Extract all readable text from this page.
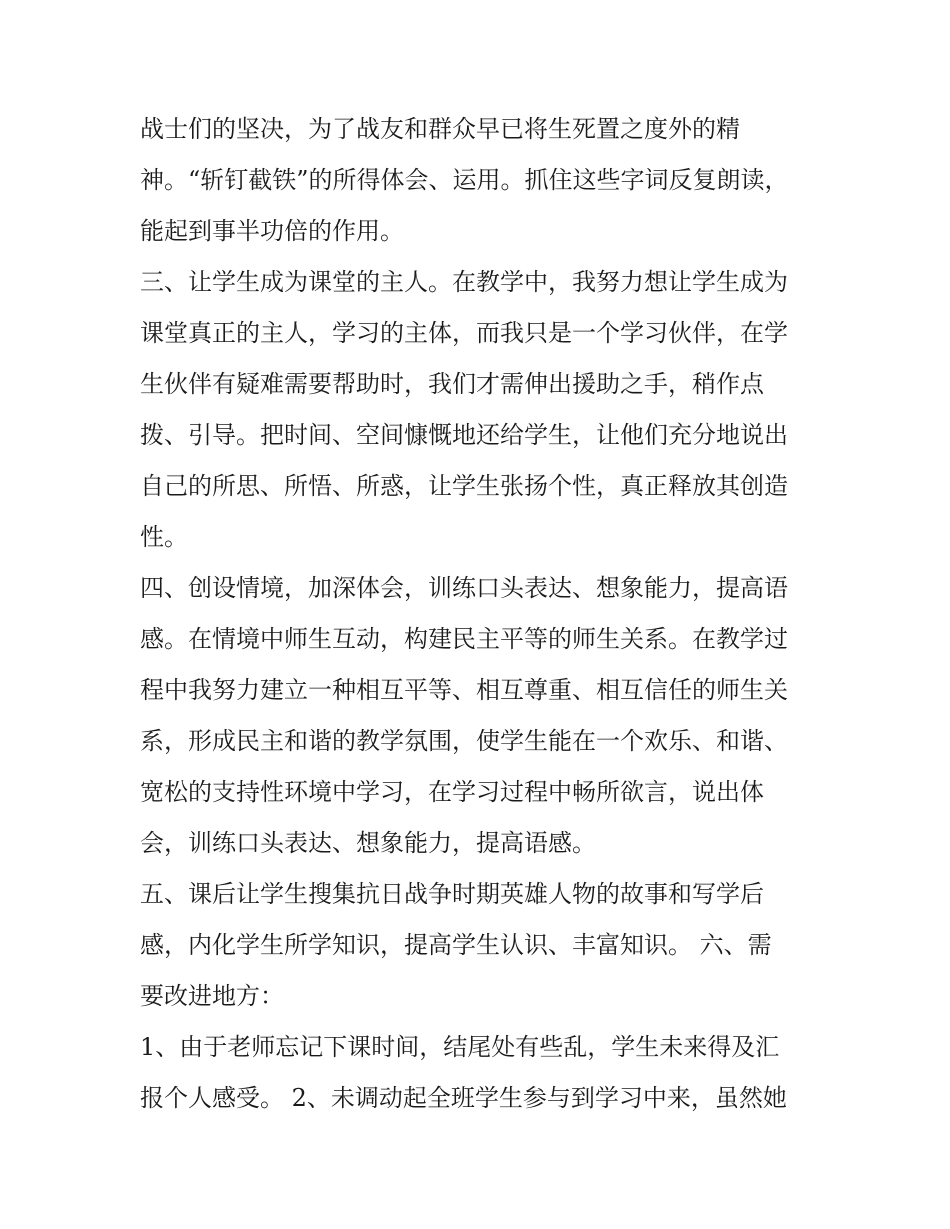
战士们的坚决，为了战友和群众早已将生死置之度外的精
神。“斩钉截铁”的所得体会、运用。抓住这些字词反复朗读，
能起到事半功倍的作用。
三、让学生成为课堂的主人。在教学中，我努力想让学生成为
课堂真正的主人，学习的主体，而我只是一个学习伙伴，在学
生伙伴有疑难需要帮助时，我们才需伸出援助之手，稍作点
拨、引导。把时间、空间慷慨地还给学生，让他们充分地说出
自己的所思、所悟、所惑，让学生张扬个性，真正释放其创造
性。
四、创设情境，加深体会，训练口头表达、想象能力，提高语
感。在情境中师生互动，构建民主平等的师生关系。在教学过
程中我努力建立一种相互平等、相互尊重、相互信任的师生关
系，形成民主和谐的教学氛围，使学生能在一个欢乐、和谐、
宽松的支持性环境中学习，在学习过程中畅所欲言，说出体
会，训练口头表达、想象能力，提高语感。
五、课后让学生搜集抗日战争时期英雄人物的故事和写学后
感，内化学生所学知识，提高学生认识、丰富知识。 六、需
要改进地方：
1、由于老师忘记下课时间，结尾处有些乱，学生未来得及汇
报个人感受。 2、未调动起全班学生参与到学习中来，虽然她
